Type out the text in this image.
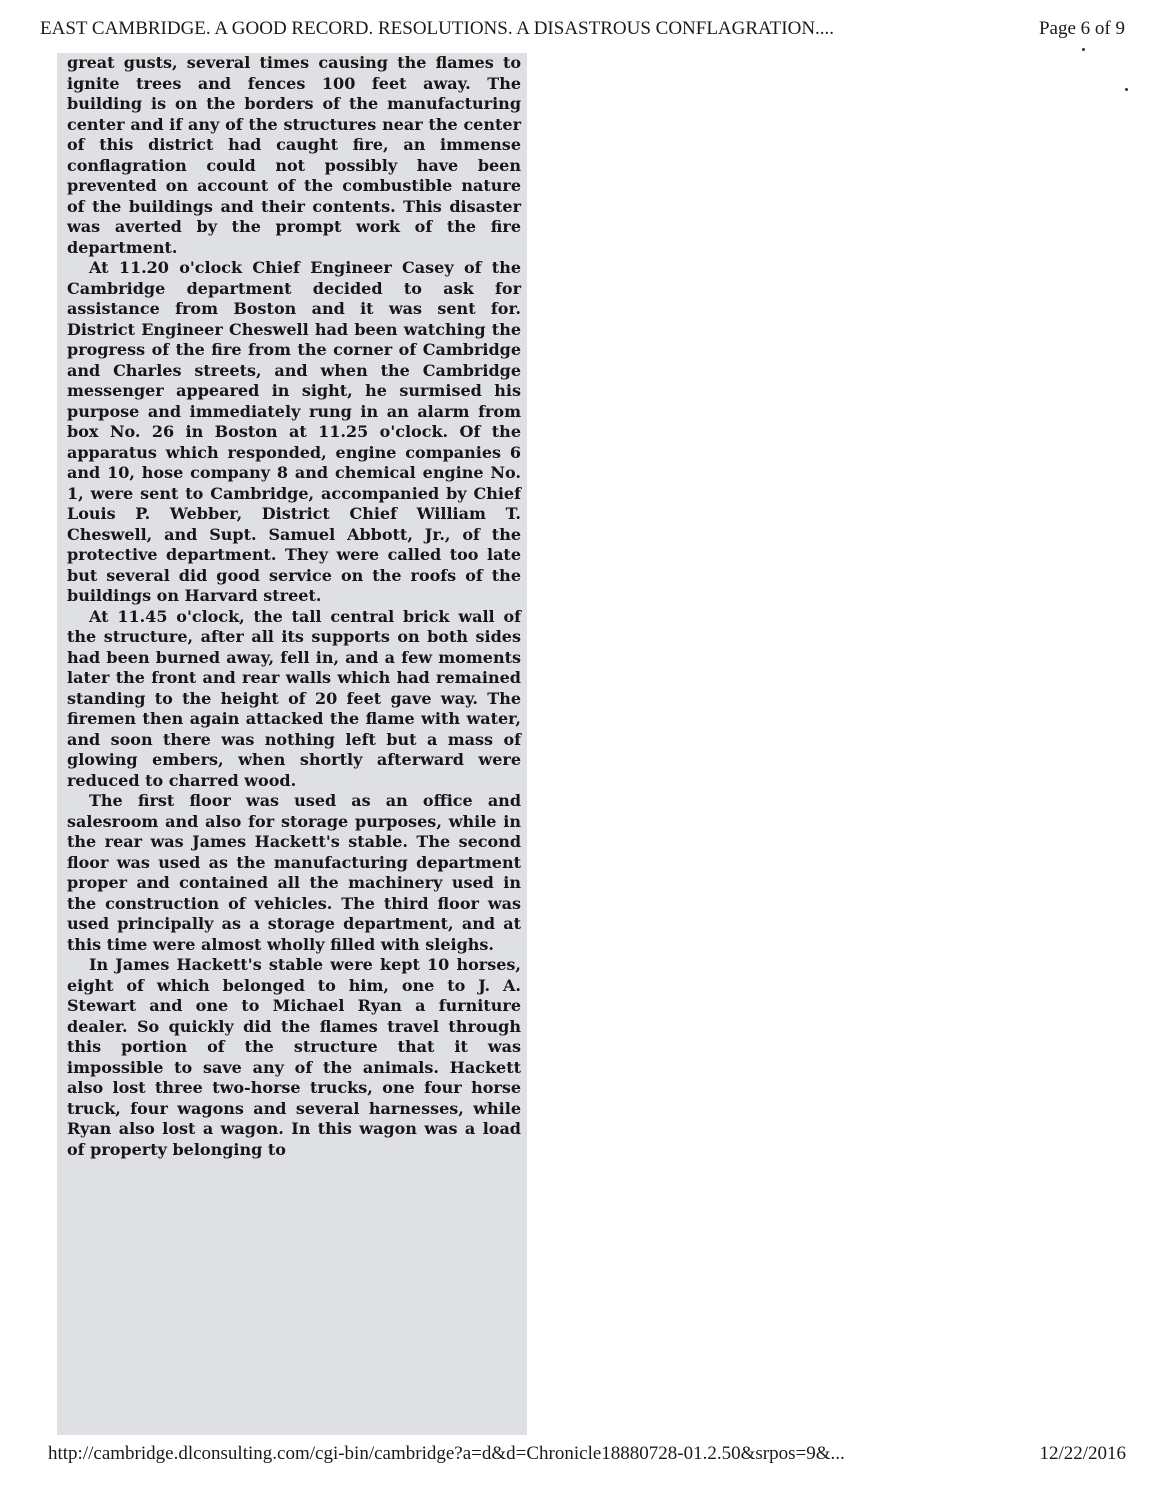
EAST CAMBRIDGE. A GOOD RECORD. RESOLUTIONS. A DISASTROUS CONFLAGRATION....	Page 6 of 9

great gusts, several times causing the flames to ignite trees and fences 100 feet away. The building is on the borders of the manufacturing center and if any of the structures near the center of this district had caught fire, an immense conflagration could not possibly have been prevented on account of the combustible nature of the buildings and their contents. This disaster was averted by the prompt work of the fire department.

At 11.20 o'clock Chief Engineer Casey of the Cambridge department decided to ask for assistance from Boston and it was sent for. District Engineer Cheswell had been watching the progress of the fire from the corner of Cambridge and Charles streets, and when the Cambridge messenger appeared in sight, he surmised his purpose and immediately rung in an alarm from box No. 26 in Boston at 11.25 o'clock. Of the apparatus which responded, engine companies 6 and 10, hose company 8 and chemical engine No. 1, were sent to Cambridge, accompanied by Chief Louis P. Webber, District Chief William T. Cheswell, and Supt. Samuel Abbott, Jr., of the protective department. They were called too late but several did good service on the roofs of the buildings on Harvard street.

At 11.45 o'clock, the tall central brick wall of the structure, after all its supports on both sides had been burned away, fell in, and a few moments later the front and rear walls which had remained standing to the height of 20 feet gave way. The firemen then again attacked the flame with water, and soon there was nothing left but a mass of glowing embers, when shortly afterward were reduced to charred wood.

The first floor was used as an office and salesroom and also for storage purposes, while in the rear was James Hackett's stable. The second floor was used as the manufacturing department proper and contained all the machinery used in the construction of vehicles. The third floor was used principally as a storage department, and at this time were almost wholly filled with sleighs.

In James Hackett's stable were kept 10 horses, eight of which belonged to him, one to J. A. Stewart and one to Michael Ryan a furniture dealer. So quickly did the flames travel through this portion of the structure that it was impossible to save any of the animals. Hackett also lost three two-horse trucks, one four horse truck, four wagons and several harnesses, while Ryan also lost a wagon. In this wagon was a load of property belonging to

http://cambridge.dlconsulting.com/cgi-bin/cambridge?a=d&d=Chronicle18880728-01.2.50&srpos=9&...	12/22/2016
